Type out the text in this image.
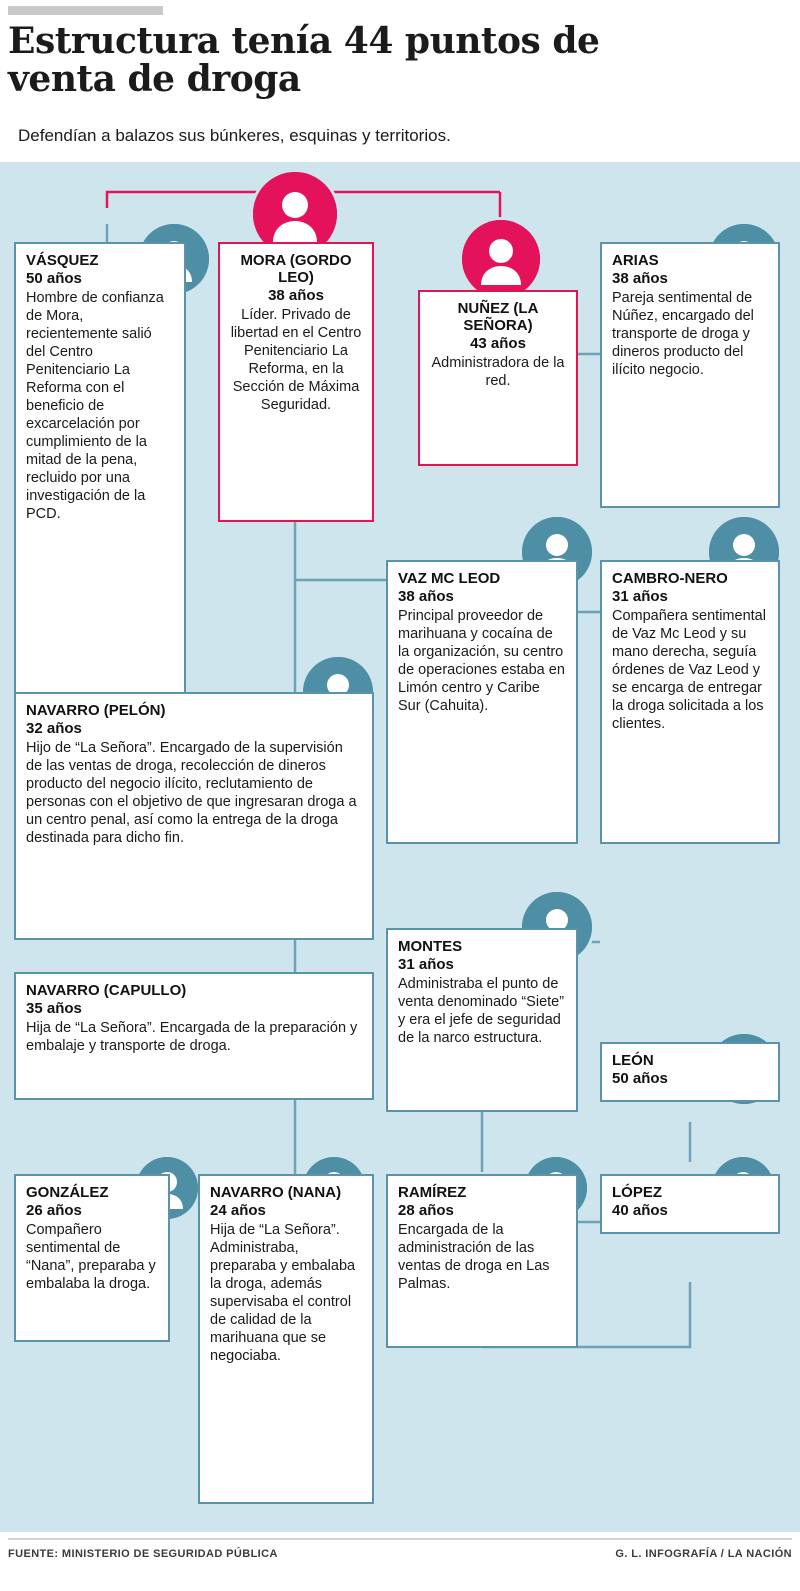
Estructura tenía 44 puntos de venta de droga
Defendían a balazos sus búnkeres, esquinas y territorios.
VÁSQUEZ
50 años
Hombre de confianza de Mora, recientemente salió del Centro Penitenciario La Reforma con el beneficio de excarcelación por cumplimiento de la mitad de la pena, recluido por una investigación de la PCD.
MORA (GORDO LEO)
38 años
Líder. Privado de libertad en el Centro Penitenciario La Reforma, en la Sección de Máxima Seguridad.
NUÑEZ (LA SEÑORA)
43 años
Administradora de la red.
ARIAS
38 años
Pareja sentimental de Núñez, encargado del transporte de droga y dineros producto del ilícito negocio.
VAZ MC LEOD
38 años
Principal proveedor de marihuana y cocaína de la organización, su centro de operaciones estaba en Limón centro y Caribe Sur (Cahuita).
CAMBRO-NERO
31 años
Compañera sentimental de Vaz Mc Leod y su mano derecha, seguía órdenes de Vaz Leod y se encarga de entregar la droga solicitada a los clientes.
NAVARRO (PELÓN)
32 años
Hijo de “La Señora”. Encargado de la supervisión de las ventas de droga, recolección de dineros producto del negocio ilícito, reclutamiento de personas con el objetivo de que ingresaran droga a un centro penal, así como la entrega de la droga destinada para dicho fin.
MONTES
31 años
Administraba el punto de venta denominado “Siete” y era el jefe de seguridad de la narco estructura.
NAVARRO (CAPULLO)
35 años
Hija de “La Señora”. Encargada de la preparación y embalaje y transporte de droga.
LEÓN
50 años
GONZÁLEZ
26 años
Compañero sentimental de “Nana”, preparaba y embalaba la droga.
NAVARRO (NANA)
24 años
Hija de “La Señora”. Administraba, preparaba y embalaba la droga, además supervisaba el control de calidad de la marihuana que se negociaba.
RAMÍREZ
28 años
Encargada de la administración de las ventas de droga en Las Palmas.
LÓPEZ
40 años
FUENTE: MINISTERIO DE SEGURIDAD PÚBLICA	G. L. INFOGRAFÍA / LA NACIÓN
